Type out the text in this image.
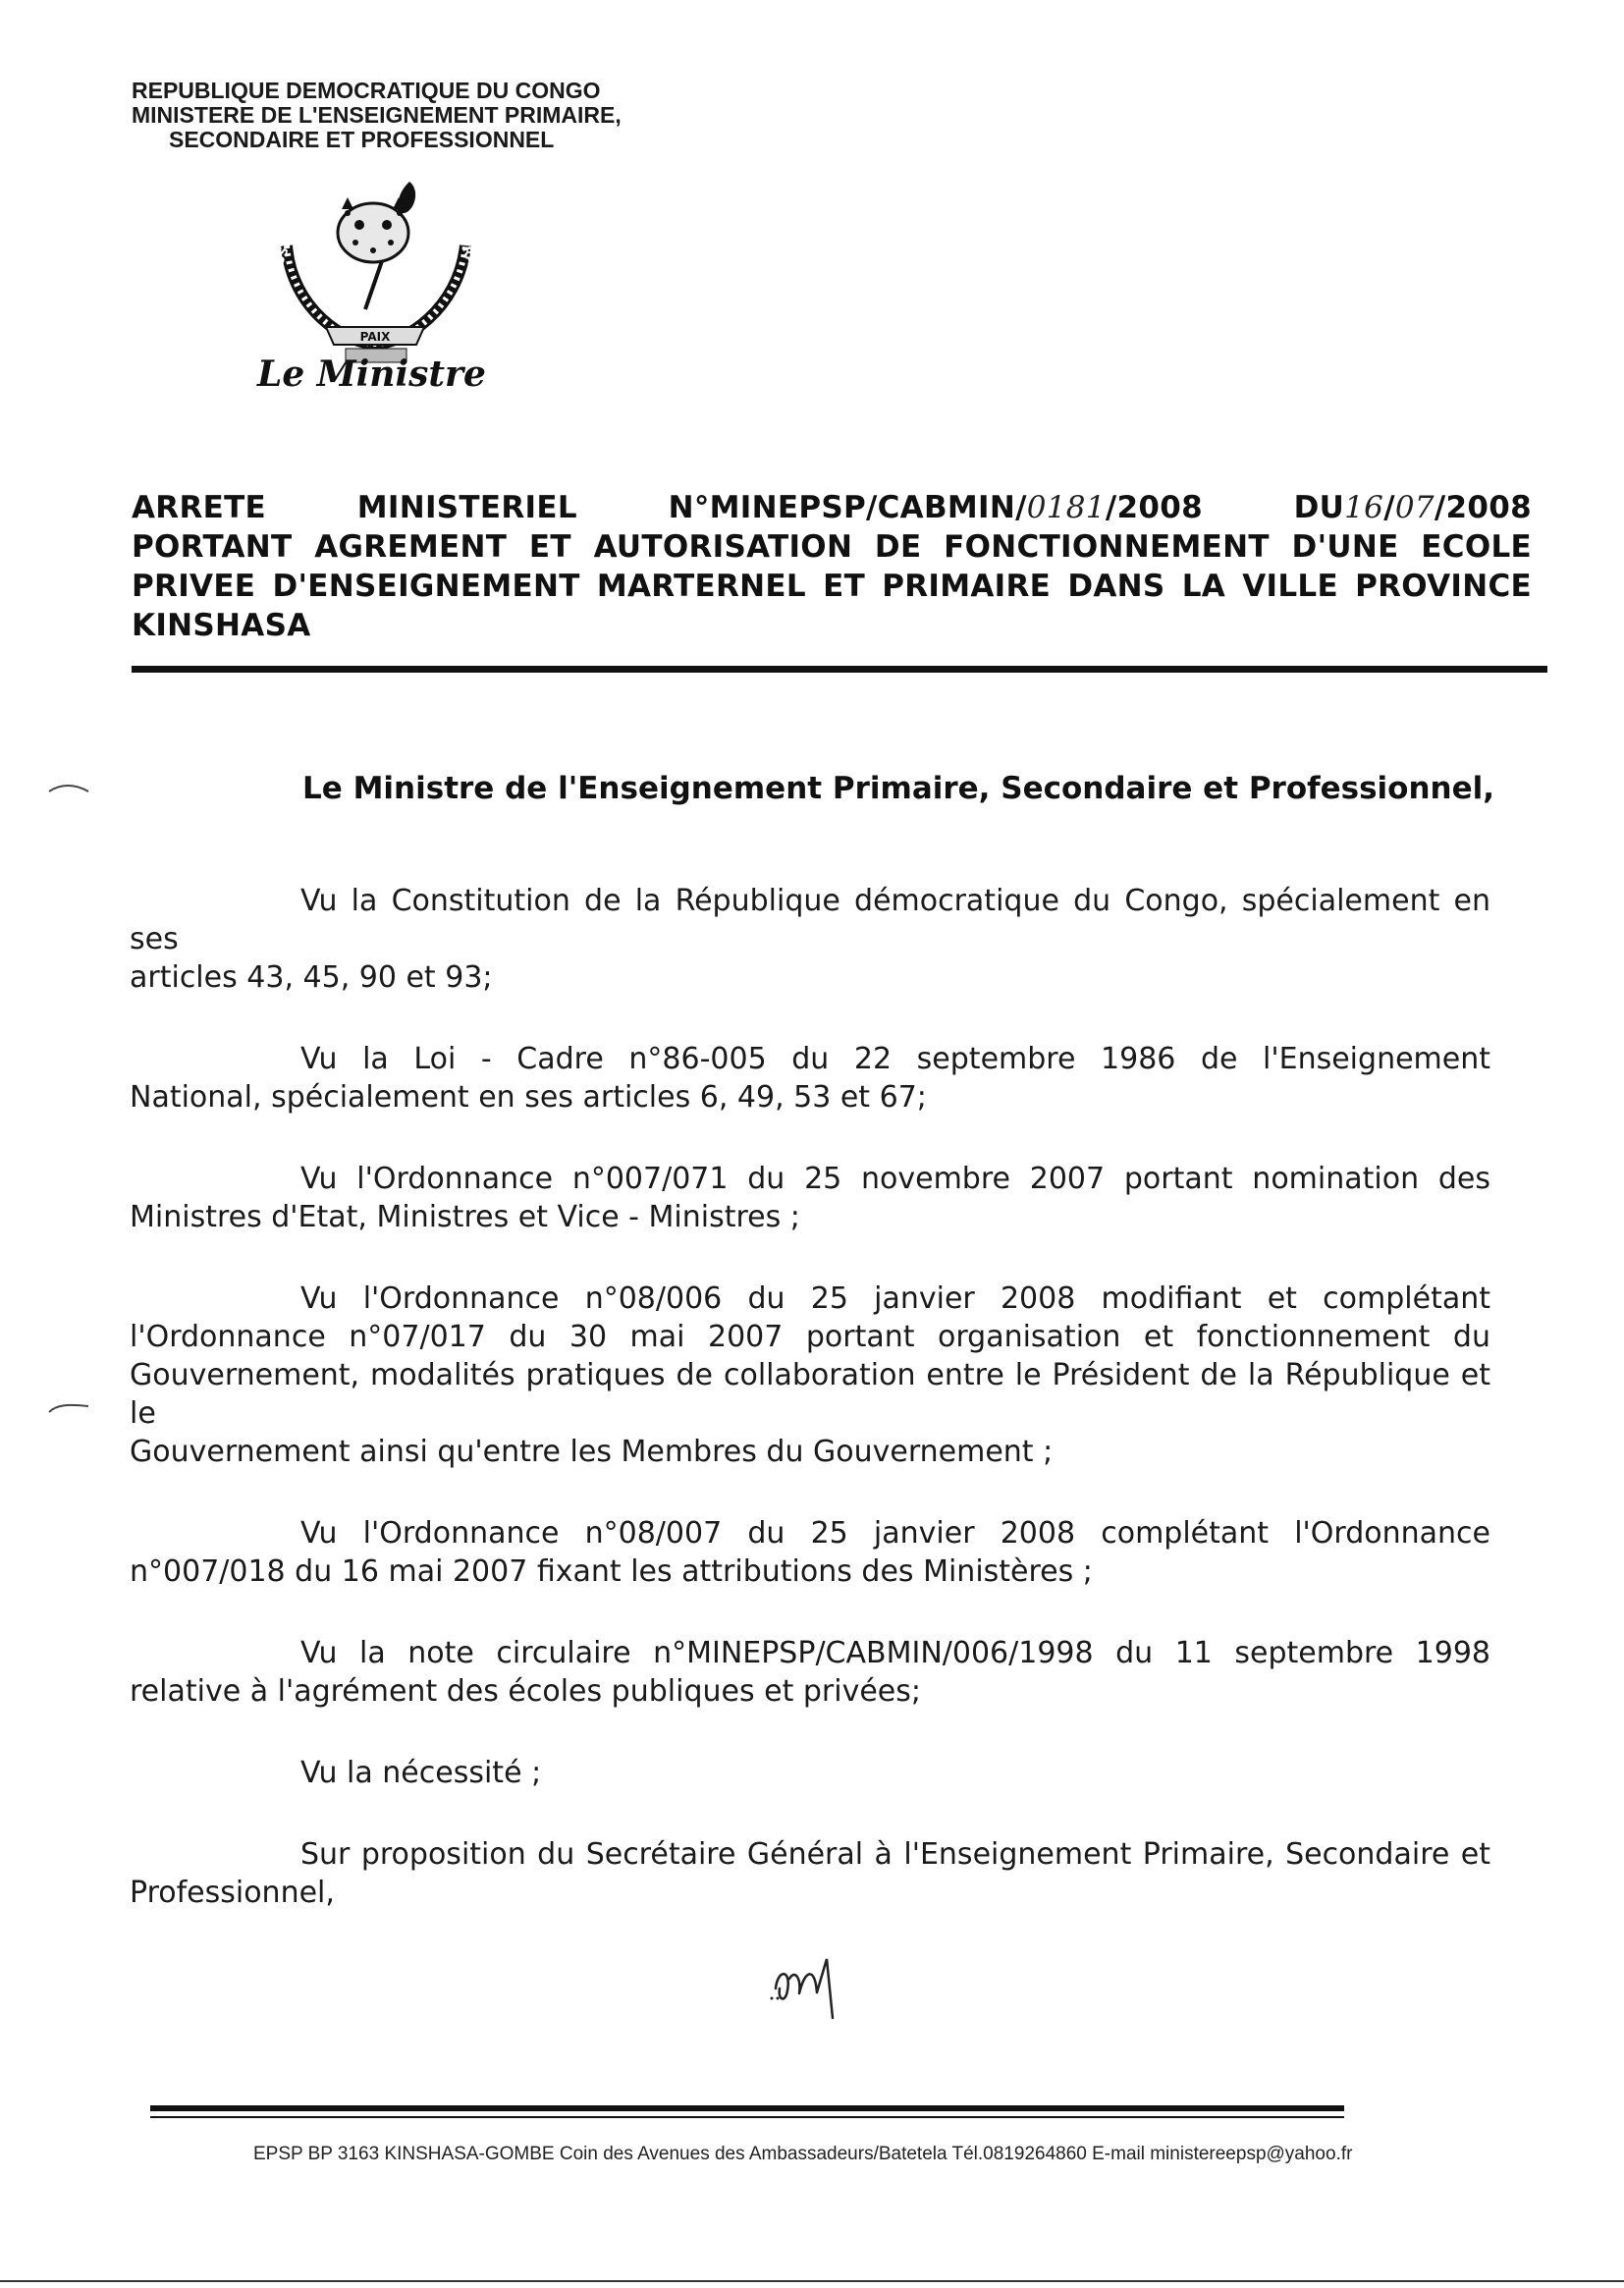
REPUBLIQUE DEMOCRATIQUE DU CONGO
MINISTERE DE L'ENSEIGNEMENT PRIMAIRE,
SECONDAIRE ET PROFESSIONNEL
JUSTICE
PAIX
TRAVAIL
Le Ministre
ARRETE	MINISTERIEL	N°MINEPSP/CABMIN/0181/2008	DU16/07/2008
PORTANT AGREMENT ET AUTORISATION DE FONCTIONNEMENT D'UNE ECOLE
PRIVEE D'ENSEIGNEMENT MARTERNEL ET PRIMAIRE DANS LA VILLE PROVINCE
KINSHASA
Le Ministre de l'Enseignement Primaire, Secondaire et Professionnel,
Vu la Constitution de la République démocratique du Congo, spécialement en ses
articles 43, 45, 90 et 93;
Vu la Loi - Cadre n°86-005 du 22 septembre 1986 de l'Enseignement
National, spécialement en ses articles 6, 49, 53 et 67;
Vu l'Ordonnance n°007/071 du 25 novembre 2007 portant nomination des
Ministres d'Etat, Ministres et Vice - Ministres ;
Vu l'Ordonnance n°08/006 du 25 janvier 2008 modifiant et complétant
l'Ordonnance n°07/017 du 30 mai 2007 portant organisation et fonctionnement du
Gouvernement, modalités pratiques de collaboration entre le Président de la République et le
Gouvernement ainsi qu'entre les Membres du Gouvernement ;
Vu l'Ordonnance n°08/007 du 25 janvier 2008 complétant l'Ordonnance
n°007/018 du 16 mai 2007 fixant les attributions des Ministères ;
Vu la note circulaire n°MINEPSP/CABMIN/006/1998 du 11 septembre 1998
relative à l'agrément des écoles publiques et privées;
Vu la nécessité ;
Sur proposition du Secrétaire Général à l'Enseignement Primaire, Secondaire et
Professionnel,
EPSP BP 3163 KINSHASA-GOMBE Coin des Avenues des Ambassadeurs/Batetela Tél.0819264860 E-mail ministereepsp@yahoo.fr
